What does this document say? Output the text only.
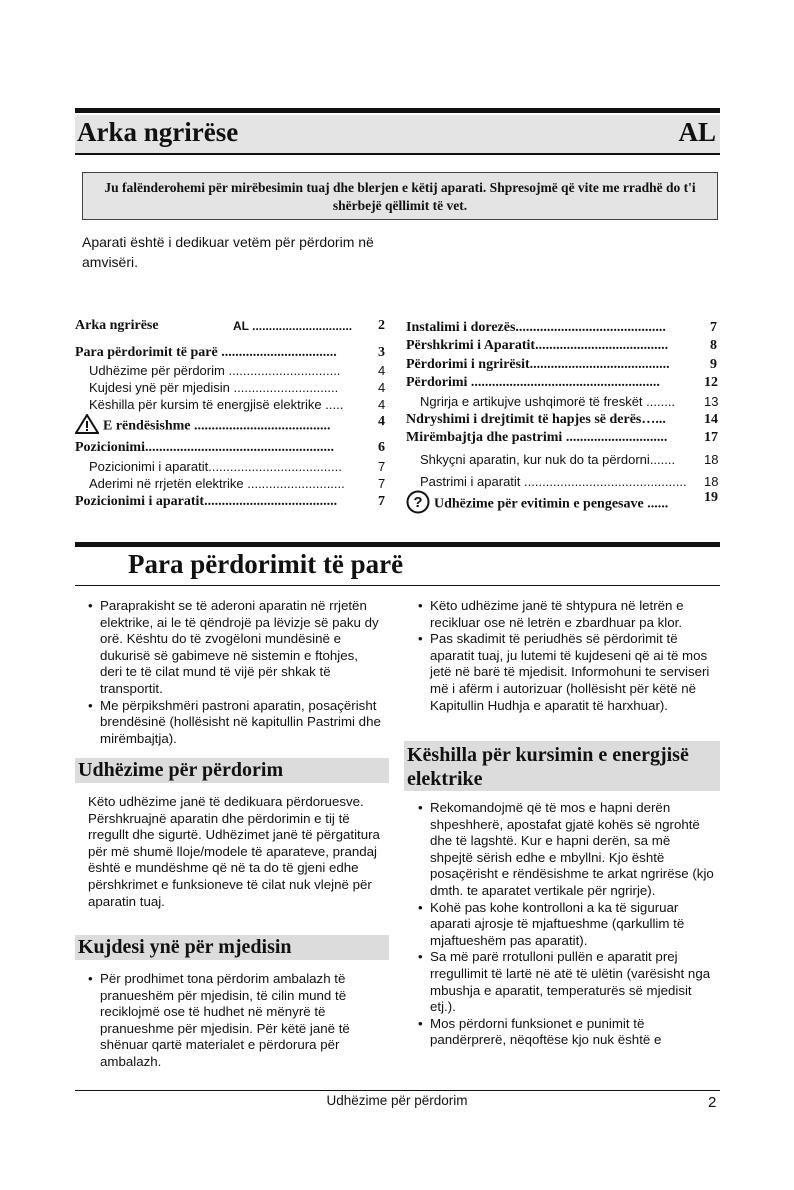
Arka ngrirëse	AL
Ju falënderohemi për mirëbesimin tuaj dhe blerjen e këtij aparati. Shpresojmë që vite me rradhë do t'i shërbejë qëllimit të vet.
Aparati është i dedikuar vetëm për përdorim në amvisëri.
Arka ngrirëse	AL .............................. 2
Para përdorimit të parë .................................	3
Udhëzime për përdorim ...............................	4
Kujdesi ynë për mjedisin .............................	4
Këshilla për kursim të energjisë elektrike .....	4
E rëndësishme .......................................	4
Pozicionimi......................................................	6
Pozicionimi i aparatit.....................................	7
Aderimi në rrjetën elektrike ...........................	7
Pozicionimi i aparatit......................................	7
Instalimi i dorezës...........................................	7
Përshkrimi i Aparatit......................................	8
Përdorimi i ngrirësit........................................	9
Përdorimi ......................................................	12
Ngrirja e artikujve ushqimorë të freskët ........ 13
Ndryshimi i drejtimit të hapjes së derës…...	14
Mirëmbajtja dhe pastrimi .............................	17
Shkyçni aparatin, kur nuk do ta përdorni....... 18
Pastrimi i aparatit ............................................. 18
? Udhëzime për evitimin e pengesave ......	19
Para përdorimit të parë
• Paraprakisht se të aderoni aparatin në rrjetën elektrike, ai le të qëndrojë pa lëvizje së paku dy orë. Kështu do të zvogëloni mundësinë e dukurisë së gabimeve në sistemin e ftohjes, deri te të cilat mund të vijë për shkak të transportit.
• Me përpikshmëri pastroni aparatin, posaçërisht brendësinë (hollësisht në kapitullin Pastrimi dhe mirëmbajtja).
Udhëzime për përdorim

Këto udhëzime janë të dedikuara përdoruesve. Përshkruajnë aparatin dhe përdorimin e tij të rregullt dhe sigurtë. Udhëzimet janë të përgatitura për më shumë lloje/modele të aparateve, prandaj është e mundëshme që në ta do të gjeni edhe përshkrimet e funksioneve të cilat nuk vlejnë për aparatin tuaj.

Kujdesi ynë për mjedisin
• Për prodhimet tona përdorim ambalazh të pranueshëm për mjedisin, të cilin mund të reciklojmë ose të hudhet në mënyrë të pranueshme për mjedisin. Për këtë janë të shënuar qartë materialet e përdorura për ambalazh.
• Këto udhëzime janë të shtypura në letrën e recikluar ose në letrën e zbardhuar pa klor.
• Pas skadimit të periudhës së përdorimit të aparatit tuaj, ju lutemi të kujdeseni që ai të mos jetë në barë të mjedisit. Informohuni te serviseri më i afërm i autorizuar (hollësisht për këtë në Kapitullin Hudhja e aparatit të harxhuar).
Këshilla për kursimin e energjisë elektrike
• Rekomandojmë që të mos e hapni derën shpeshherë, apostafat gjatë kohës së ngrohtë dhe të lagshtë. Kur e hapni derën, sa më shpejtë sërish edhe e mbyllni. Kjo është posaçërisht e rëndësishme te arkat ngrirëse (kjo dmth. te aparatet vertikale për ngrirje).
• Kohë pas kohe kontrolloni a ka të siguruar aparati ajrosje të mjaftueshme (qarkullim të mjaftueshëm pas aparatit).
• Sa më parë rrotulloni pullën e aparatit prej rregullimit të lartë në atë të ulëtin (varësisht nga mbushja e aparatit, temperaturës së mjedisit etj.).
• Mos përdorni funksionet e punimit të pandërprerë, nëqoftëse kjo nuk është e
Udhëzime për përdorim	2
